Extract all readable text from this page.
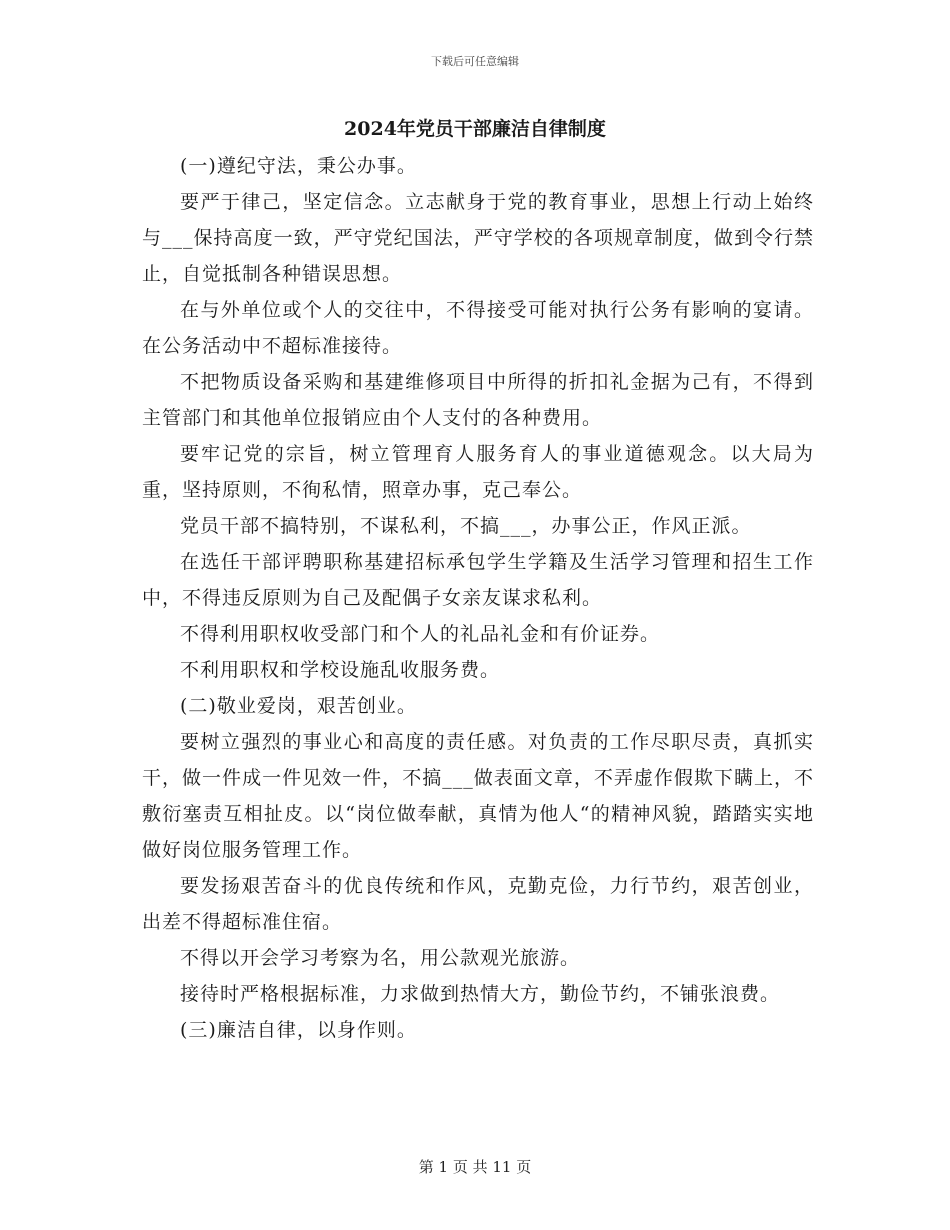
下载后可任意编辑
2024年党员干部廉洁自律制度

(一)遵纪守法，秉公办事。

要严于律己，坚定信念。立志献身于党的教育事业，思想上行动上始终与___保持高度一致，严守党纪国法，严守学校的各项规章制度，做到令行禁止，自觉抵制各种错误思想。

在与外单位或个人的交往中，不得接受可能对执行公务有影响的宴请。在公务活动中不超标准接待。

不把物质设备采购和基建维修项目中所得的折扣礼金据为己有，不得到主管部门和其他单位报销应由个人支付的各种费用。

要牢记党的宗旨，树立管理育人服务育人的事业道德观念。以大局为重，坚持原则，不徇私情，照章办事，克己奉公。

党员干部不搞特别，不谋私利，不搞___，办事公正，作风正派。

在选任干部评聘职称基建招标承包学生学籍及生活学习管理和招生工作中，不得违反原则为自己及配偶子女亲友谋求私利。

不得利用职权收受部门和个人的礼品礼金和有价证券。

不利用职权和学校设施乱收服务费。

(二)敬业爱岗，艰苦创业。

要树立强烈的事业心和高度的责任感。对负责的工作尽职尽责，真抓实干，做一件成一件见效一件，不搞___做表面文章，不弄虚作假欺下瞒上，不敷衍塞责互相扯皮。以“岗位做奉献，真情为他人“的精神风貌，踏踏实实地做好岗位服务管理工作。

要发扬艰苦奋斗的优良传统和作风，克勤克俭，力行节约，艰苦创业，出差不得超标准住宿。

不得以开会学习考察为名，用公款观光旅游。

接待时严格根据标准，力求做到热情大方，勤俭节约，不铺张浪费。

(三)廉洁自律，以身作则。

第 1 页 共 11 页
